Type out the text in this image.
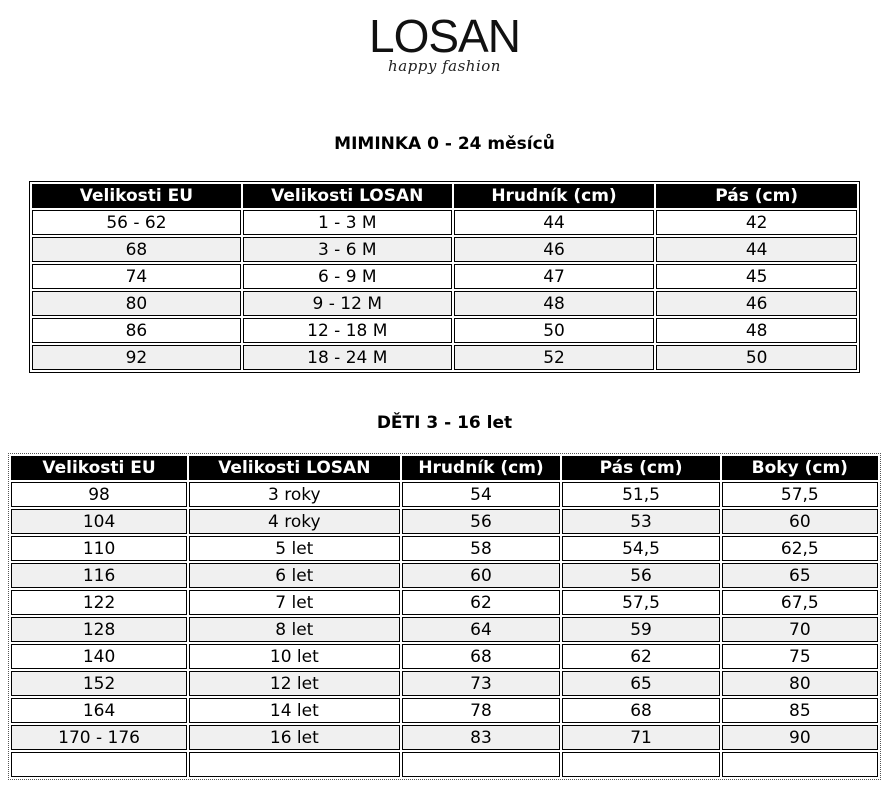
LOSAN
happy fashion
MIMINKA 0 - 24 měsíců
Velikosti EU	Velikosti LOSAN	Hrudník (cm)	Pás (cm)
56 - 62	1 - 3 M	44	42
68	3 - 6 M	46	44
74	6 - 9 M	47	45
80	9 - 12 M	48	46
86	12 - 18 M	50	48
92	18 - 24 M	52	50
DĚTI 3 - 16 let
Velikosti EU	Velikosti LOSAN	Hrudník (cm)	Pás (cm)	Boky (cm)
98	3 roky	54	51,5	57,5
104	4 roky	56	53	60
110	5 let	58	54,5	62,5
116	6 let	60	56	65
122	7 let	62	57,5	67,5
128	8 let	64	59	70
140	10 let	68	62	75
152	12 let	73	65	80
164	14 let	78	68	85
170 - 176	16 let	83	71	90
